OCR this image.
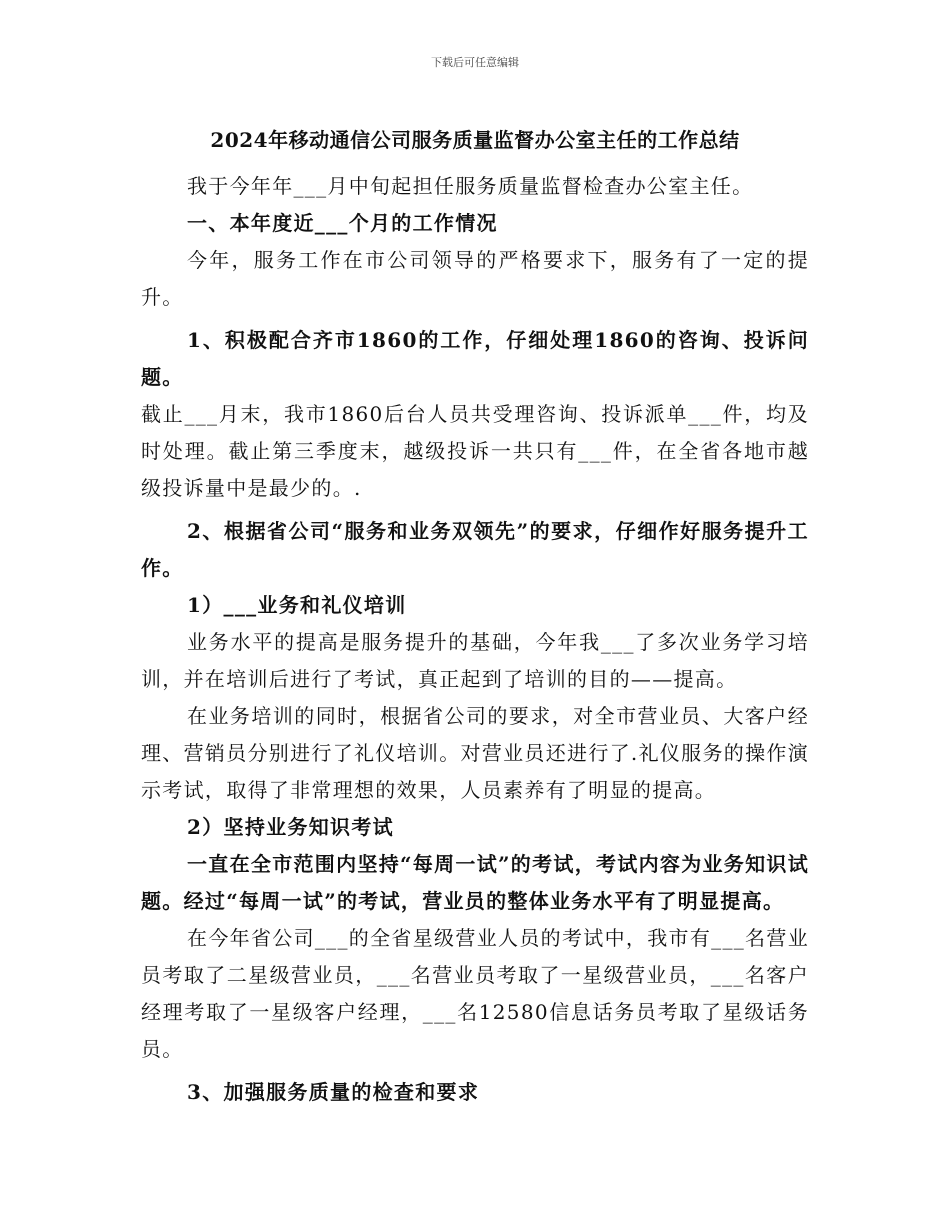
下载后可任意编辑
2024年移动通信公司服务质量监督办公室主任的工作总结

我于今年年___月中旬起担任服务质量监督检查办公室主任。

一、本年度近___个月的工作情况

今年，服务工作在市公司领导的严格要求下，服务有了一定的提升。

1、积极配合齐市1860的工作，仔细处理1860的咨询、投诉问题。

截止___月末，我市1860后台人员共受理咨询、投诉派单___件，均及时处理。截止第三季度末，越级投诉一共只有___件，在全省各地市越级投诉量中是最少的。.

2、根据省公司“服务和业务双领先”的要求，仔细作好服务提升工作。

1）___业务和礼仪培训

业务水平的提高是服务提升的基础，今年我___了多次业务学习培训，并在培训后进行了考试，真正起到了培训的目的——提高。

在业务培训的同时，根据省公司的要求，对全市营业员、大客户经理、营销员分别进行了礼仪培训。对营业员还进行了.礼仪服务的操作演示考试，取得了非常理想的效果，人员素养有了明显的提高。

2）坚持业务知识考试

一直在全市范围内坚持“每周一试”的考试，考试内容为业务知识试题。经过“每周一试”的考试，营业员的整体业务水平有了明显提高。

在今年省公司___的全省星级营业人员的考试中，我市有___名营业员考取了二星级营业员，___名营业员考取了一星级营业员，___名客户经理考取了一星级客户经理，___名12580信息话务员考取了星级话务员。

3、加强服务质量的检查和要求
